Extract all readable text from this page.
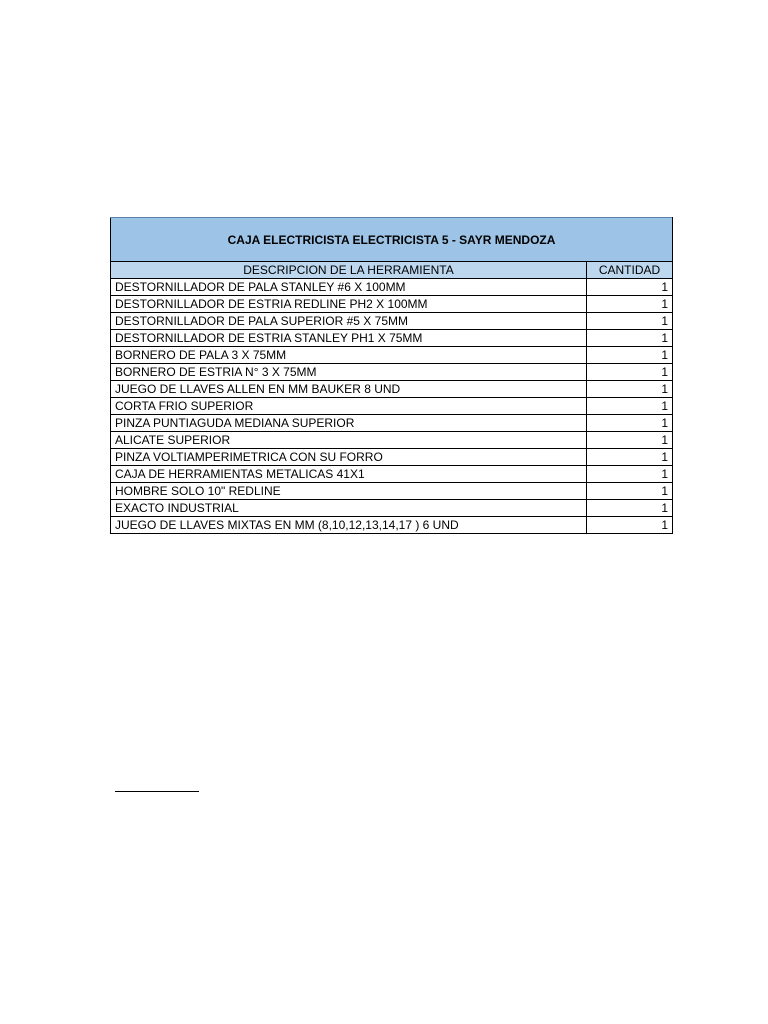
CAJA ELECTRICISTA ELECTRICISTA 5 - SAYR MENDOZA	
DESCRIPCION DE LA HERRAMIENTA	CANTIDAD
DESTORNILLADOR DE PALA STANLEY #6 X 100MM	1
DESTORNILLADOR DE ESTRIA REDLINE PH2 X 100MM	1
DESTORNILLADOR DE PALA SUPERIOR #5 X 75MM	1
DESTORNILLADOR DE ESTRIA STANLEY PH1 X 75MM	1
BORNERO DE PALA 3 X 75MM	1
BORNERO DE ESTRIA N° 3 X 75MM	1
JUEGO DE LLAVES ALLEN EN MM BAUKER 8 UND	1
CORTA FRIO SUPERIOR	1
PINZA PUNTIAGUDA MEDIANA SUPERIOR	1
ALICATE SUPERIOR	1
PINZA VOLTIAMPERIMETRICA CON SU FORRO	1
CAJA DE HERRAMIENTAS METALICAS 41X1	1
HOMBRE SOLO 10" REDLINE	1
EXACTO INDUSTRIAL	1
JUEGO DE LLAVES MIXTAS EN MM (8,10,12,13,14,17 ) 6 UND	1
